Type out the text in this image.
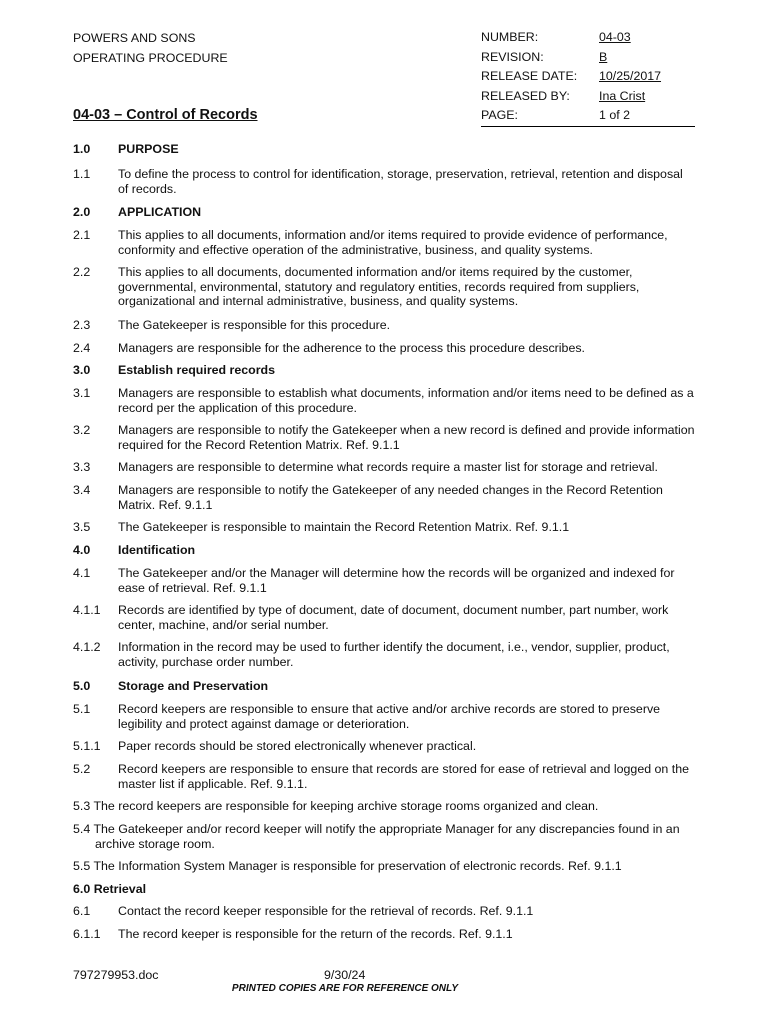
POWERS AND SONS
OPERATING PROCEDURE
NUMBER:	04-03
REVISION:	B
RELEASE DATE:	10/25/2017
RELEASED BY:	Ina Crist
PAGE:	1 of 2
04-03 – Control of Records
1.0	PURPOSE
1.1	To define the process to control for identification, storage, preservation, retrieval, retention and disposal of records.
2.0	APPLICATION
2.1	This applies to all documents, information and/or items required to provide evidence of performance, conformity and effective operation of the administrative, business, and quality systems.
2.2	This applies to all documents, documented information and/or items required by the customer, governmental, environmental, statutory and regulatory entities, records required from suppliers, organizational and internal administrative, business, and quality systems.
2.3	The Gatekeeper is responsible for this procedure.
2.4	Managers are responsible for the adherence to the process this procedure describes.
3.0	Establish required records
3.1	Managers are responsible to establish what documents, information and/or items need to be defined as a record per the application of this procedure.
3.2	Managers are responsible to notify the Gatekeeper when a new record is defined and provide information required for the Record Retention Matrix. Ref. 9.1.1
3.3	Managers are responsible to determine what records require a master list for storage and retrieval.
3.4	Managers are responsible to notify the Gatekeeper of any needed changes in the Record Retention Matrix. Ref. 9.1.1
3.5	The Gatekeeper is responsible to maintain the Record Retention Matrix. Ref. 9.1.1
4.0	Identification
4.1	The Gatekeeper and/or the Manager will determine how the records will be organized and indexed for ease of retrieval. Ref. 9.1.1
4.1.1	Records are identified by type of document, date of document, document number, part number, work center, machine, and/or serial number.
4.1.2	Information in the record may be used to further identify the document, i.e., vendor, supplier, product, activity, purchase order number.
5.0	Storage and Preservation
5.1	Record keepers are responsible to ensure that active and/or archive records are stored to preserve legibility and protect against damage or deterioration.
5.1.1	Paper records should be stored electronically whenever practical.
5.2	Record keepers are responsible to ensure that records are stored for ease of retrieval and logged on the master list if applicable. Ref. 9.1.1.
5.3 The record keepers are responsible for keeping archive storage rooms organized and clean.
5.4 The Gatekeeper and/or record keeper will notify the appropriate Manager for any discrepancies found in an archive storage room.
5.5 The Information System Manager is responsible for preservation of electronic records. Ref. 9.1.1
6.0 Retrieval
6.1	Contact the record keeper responsible for the retrieval of records. Ref. 9.1.1
6.1.1	The record keeper is responsible for the return of the records. Ref. 9.1.1
797279953.doc	9/30/24
PRINTED COPIES ARE FOR REFERENCE ONLY
